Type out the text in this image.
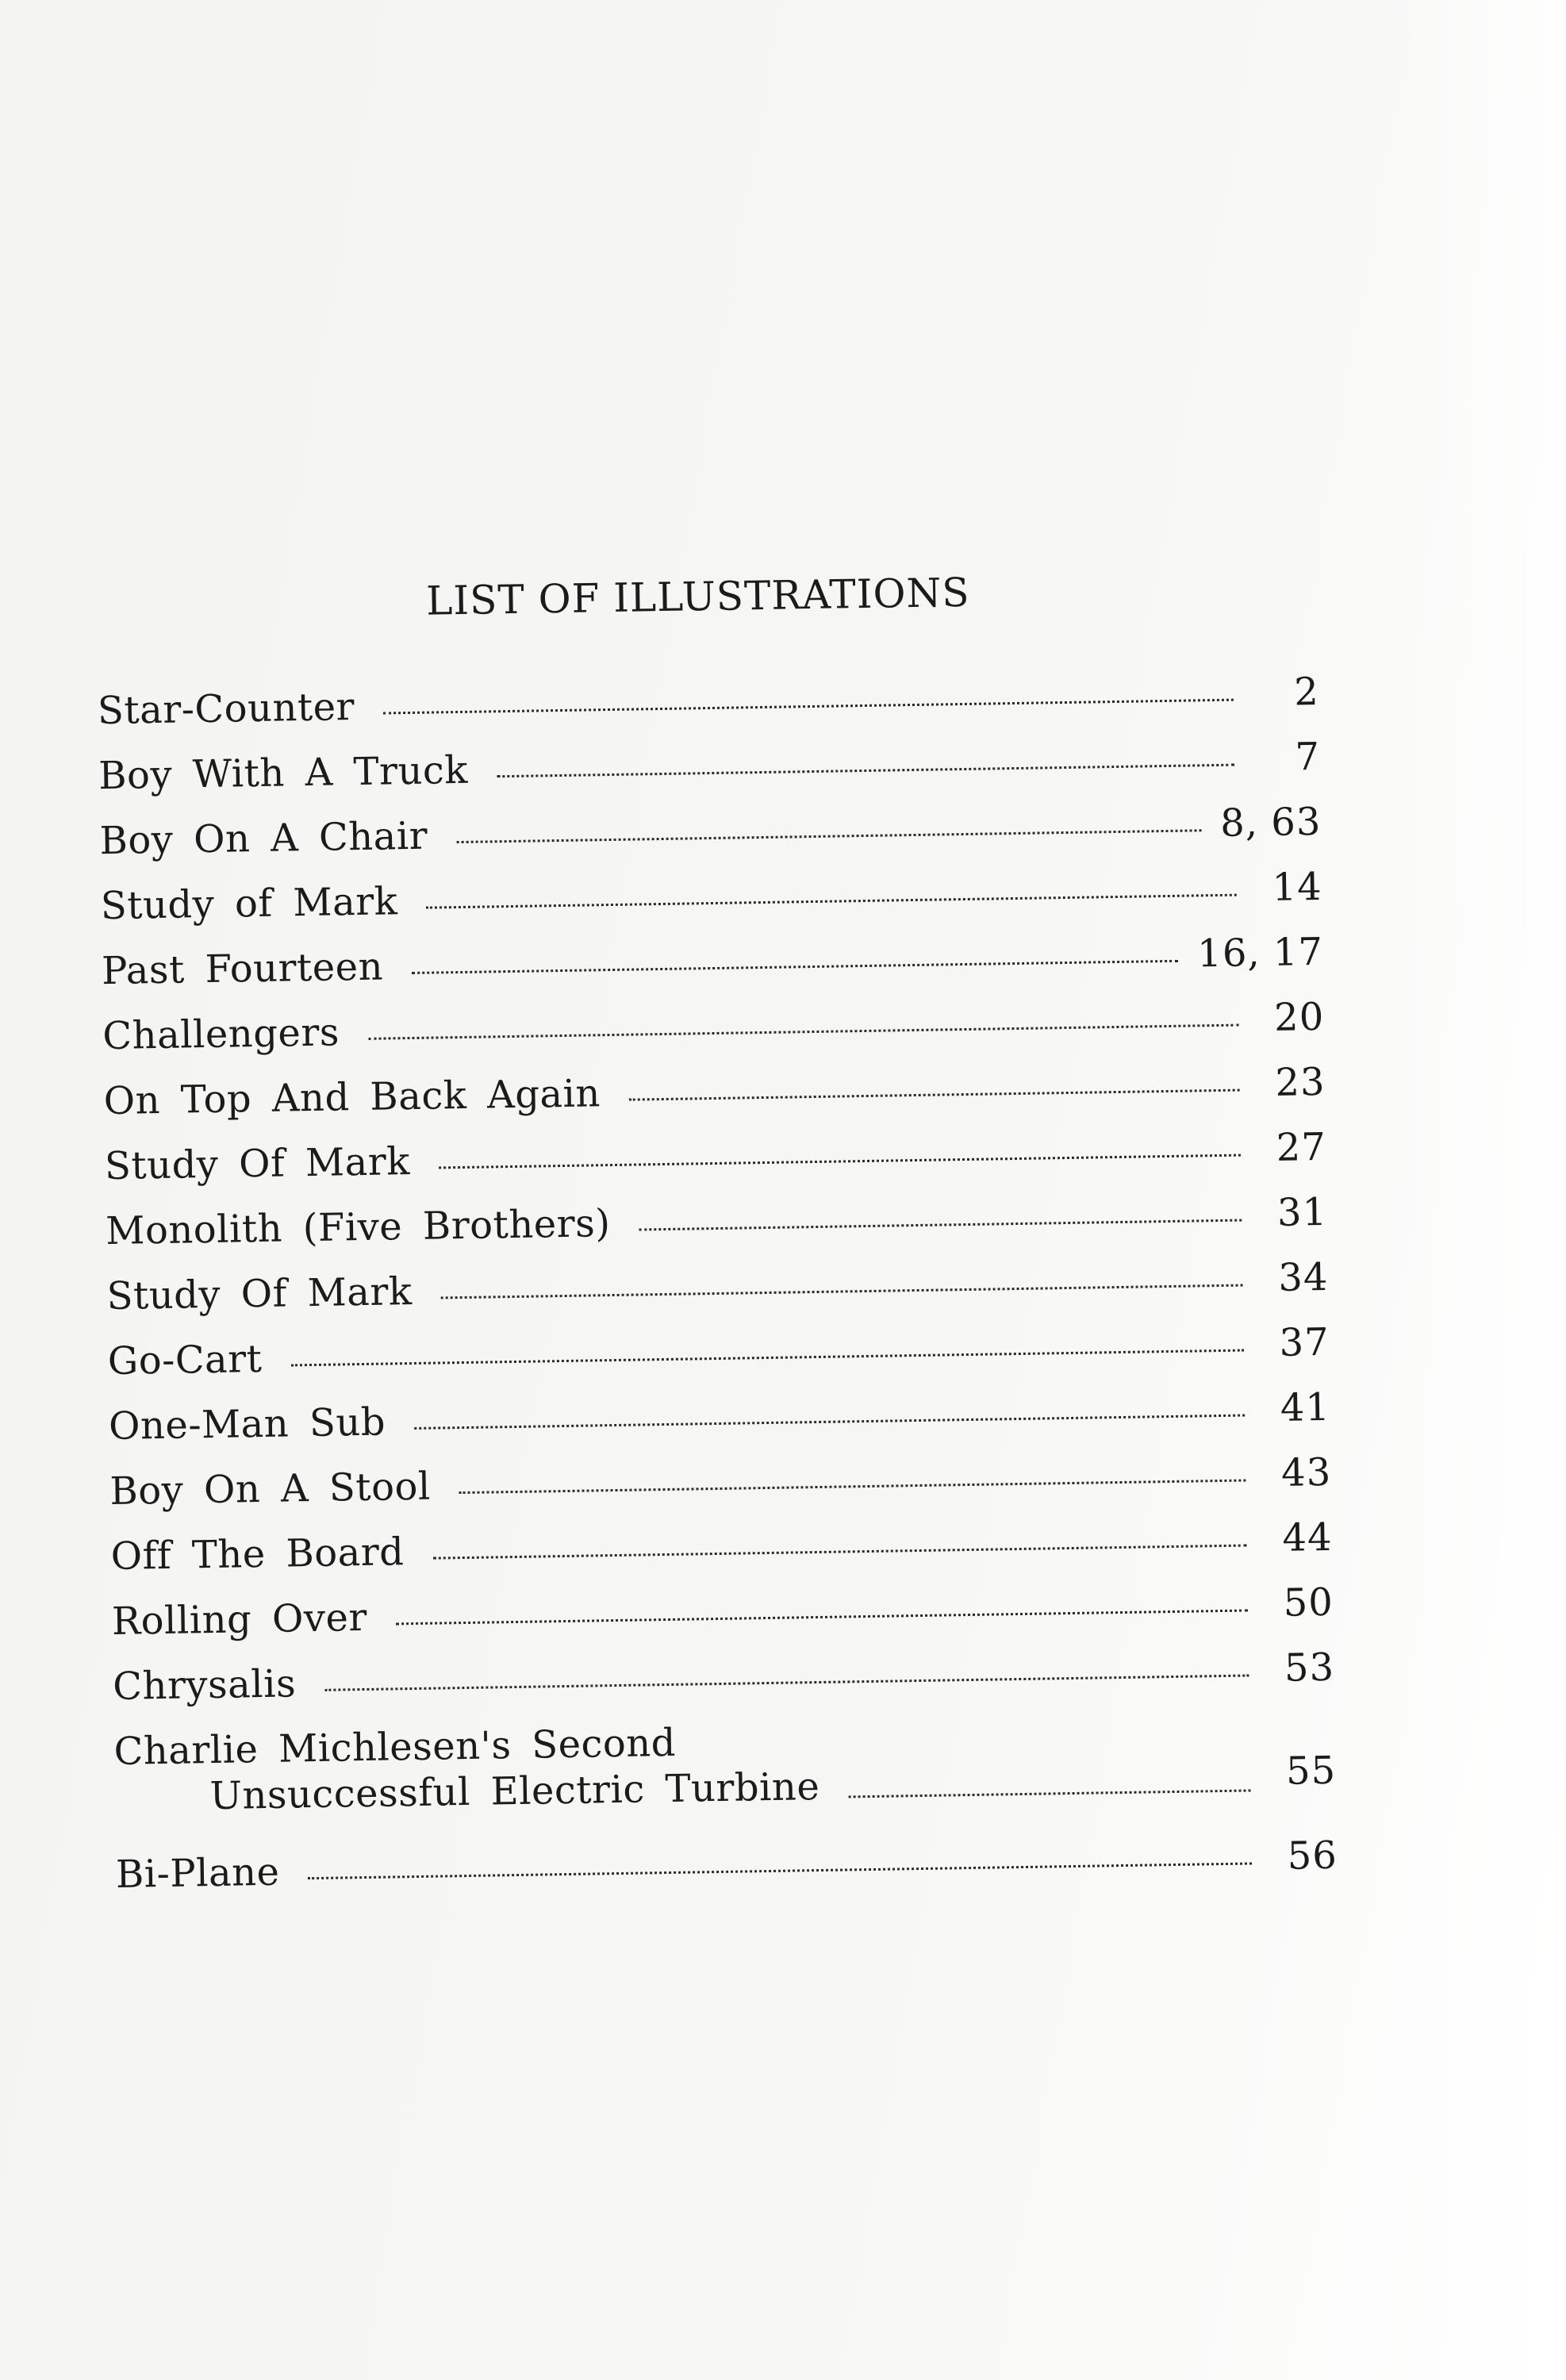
LIST OF ILLUSTRATIONS
Star-Counter	2
Boy With A Truck	7
Boy On A Chair	8, 63
Study of Mark	14
Past Fourteen	16, 17
Challengers	20
On Top And Back Again	23
Study Of Mark	27
Monolith (Five Brothers)	31
Study Of Mark	34
Go-Cart	37
One-Man Sub	41
Boy On A Stool	43
Off The Board	44
Rolling Over	50
Chrysalis	53
Charlie Michlesen's Second
Unsuccessful Electric Turbine	55
Bi-Plane	56
